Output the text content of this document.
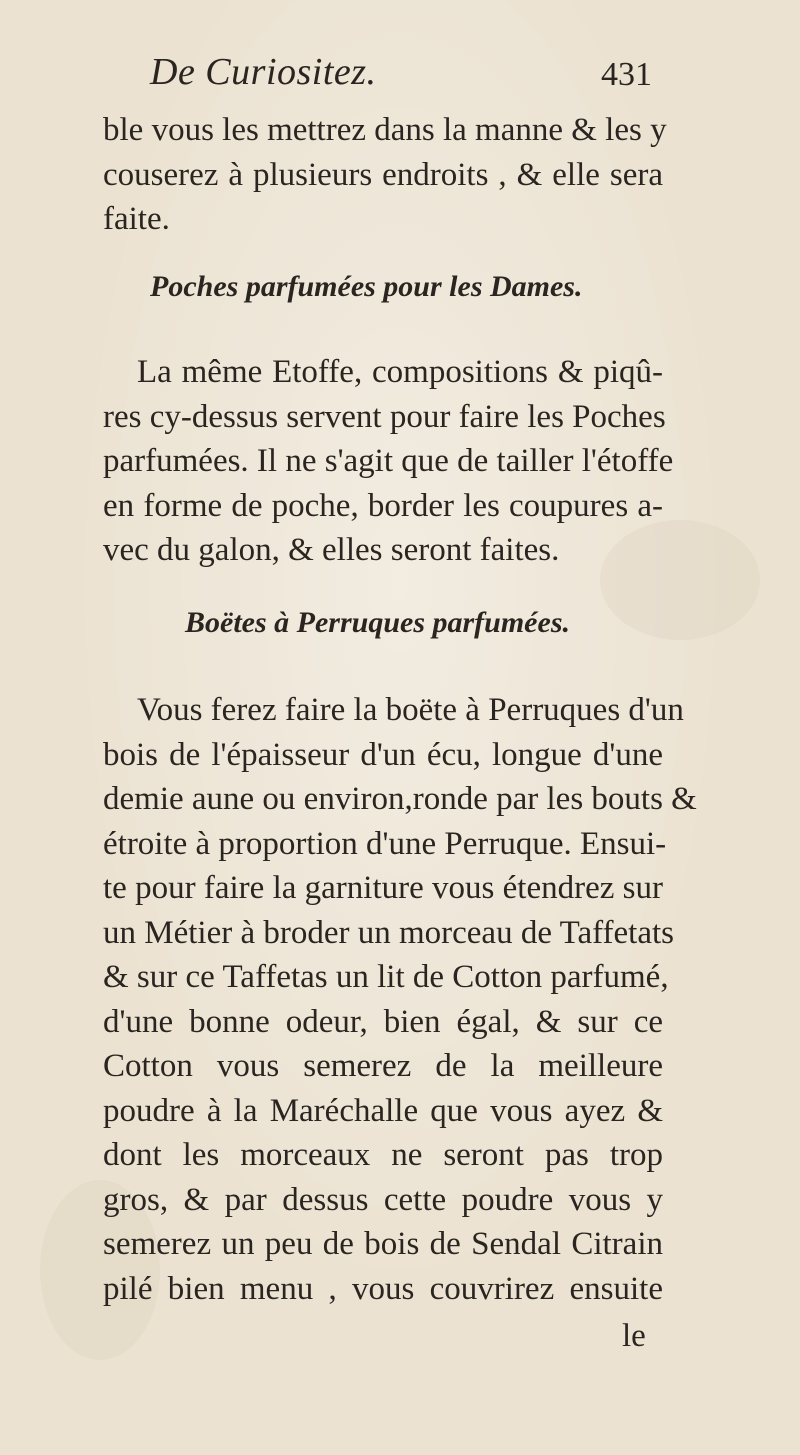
De Curiositez.	431
ble vous les mettrez dans la manne & les y
couserez à plusieurs endroits , & elle sera
faite.
Poches parfumées pour les Dames.
La même Etoffe, compositions & piqû-
res cy-dessus servent pour faire les Poches
parfumées. Il ne s'agit que de tailler l'étoffe
en forme de poche, border les coupures a-
vec du galon, & elles seront faites.
Boëtes à Perruques parfumées.
Vous ferez faire la boëte à Perruques d'un
bois de l'épaisseur d'un écu, longue d'une
demie aune ou environ,ronde par les bouts &
étroite à proportion d'une Perruque. Ensui-
te pour faire la garniture vous étendrez sur
un Métier à broder un morceau de Taffetats
& sur ce Taffetas un lit de Cotton parfumé,
d'une bonne odeur, bien égal, & sur ce
Cotton vous semerez de la meilleure
poudre à la Maréchalle que vous ayez &
dont les morceaux ne seront pas trop
gros, & par dessus cette poudre vous y
semerez un peu de bois de Sendal Citrain
pilé bien menu , vous couvrirez ensuite
le
